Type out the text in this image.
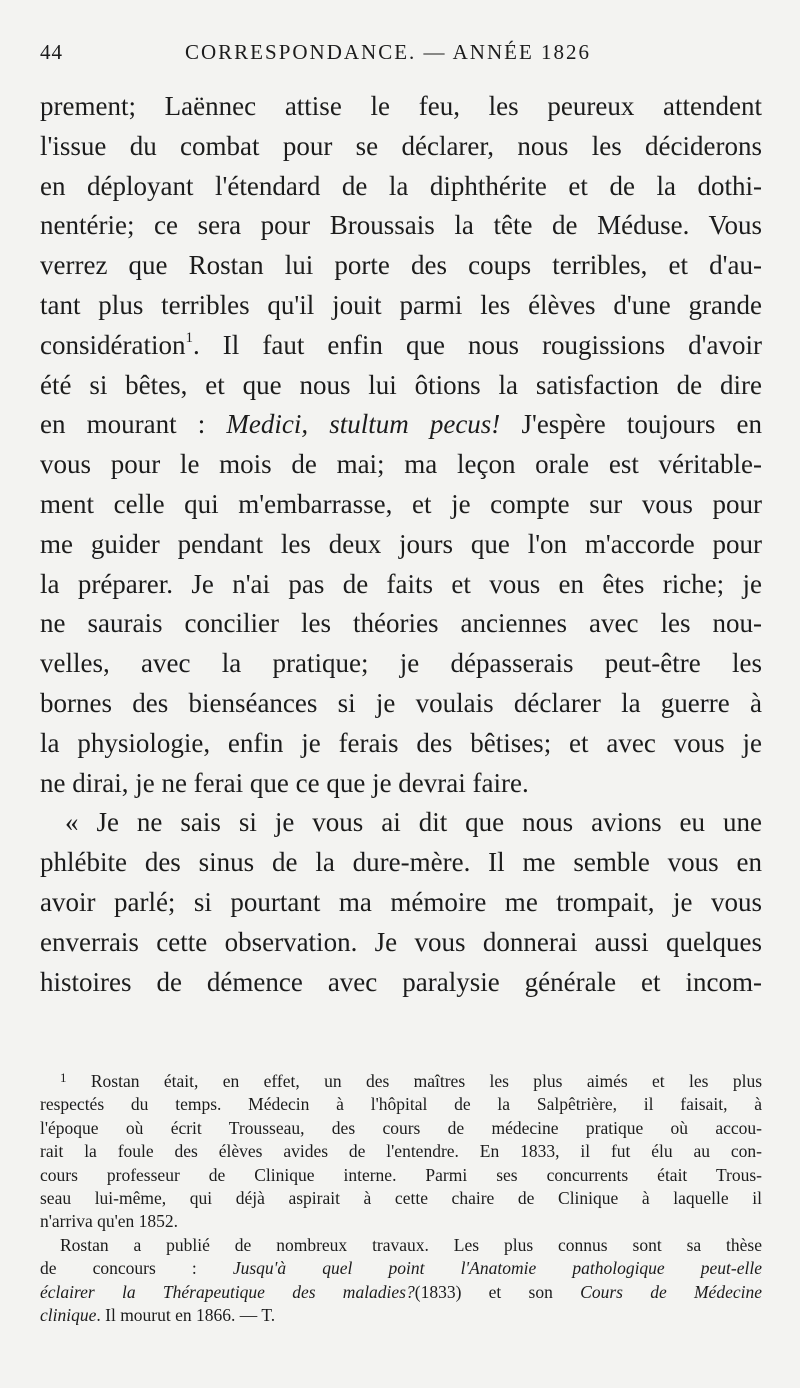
44	CORRESPONDANCE. — ANNÉE 1826
prement; Laënnec attise le feu, les peureux attendent
l'issue du combat pour se déclarer, nous les déciderons
en déployant l'étendard de la diphthérite et de la dothi-
nentérie; ce sera pour Broussais la tête de Méduse. Vous
verrez que Rostan lui porte des coups terribles, et d'au-
tant plus terribles qu'il jouit parmi les élèves d'une grande
considération$^1$. Il faut enfin que nous rougissions d'avoir
été si bêtes, et que nous lui ôtions la satisfaction de dire
en mourant : Medici, stultum pecus! J'espère toujours en
vous pour le mois de mai; ma leçon orale est véritable-
ment celle qui m'embarrasse, et je compte sur vous pour
me guider pendant les deux jours que l'on m'accorde pour
la préparer. Je n'ai pas de faits et vous en êtes riche; je
ne saurais concilier les théories anciennes avec les nou-
velles, avec la pratique; je dépasserais peut-être les
bornes des bienséances si je voulais déclarer la guerre à
la physiologie, enfin je ferais des bêtises; et avec vous je
ne dirai, je ne ferai que ce que je devrai faire.
« Je ne sais si je vous ai dit que nous avions eu une
phlébite des sinus de la dure-mère. Il me semble vous en
avoir parlé; si pourtant ma mémoire me trompait, je vous
enverrais cette observation. Je vous donnerai aussi quelques
histoires de démence avec paralysie générale et incom-
$^1$ Rostan était, en effet, un des maîtres les plus aimés et les plus
respectés du temps. Médecin à l'hôpital de la Salpêtrière, il faisait, à
l'époque où écrit Trousseau, des cours de médecine pratique où accou-
rait la foule des élèves avides de l'entendre. En 1833, il fut élu au con-
cours professeur de Clinique interne. Parmi ses concurrents était Trous-
seau lui-même, qui déjà aspirait à cette chaire de Clinique à laquelle il
n'arriva qu'en 1852.
Rostan a publié de nombreux travaux. Les plus connus sont sa thèse
de concours : Jusqu'à quel point l'Anatomie pathologique peut-elle
éclairer la Thérapeutique des maladies?(1833) et son Cours de Médecine
clinique. Il mourut en 1866. — T.
